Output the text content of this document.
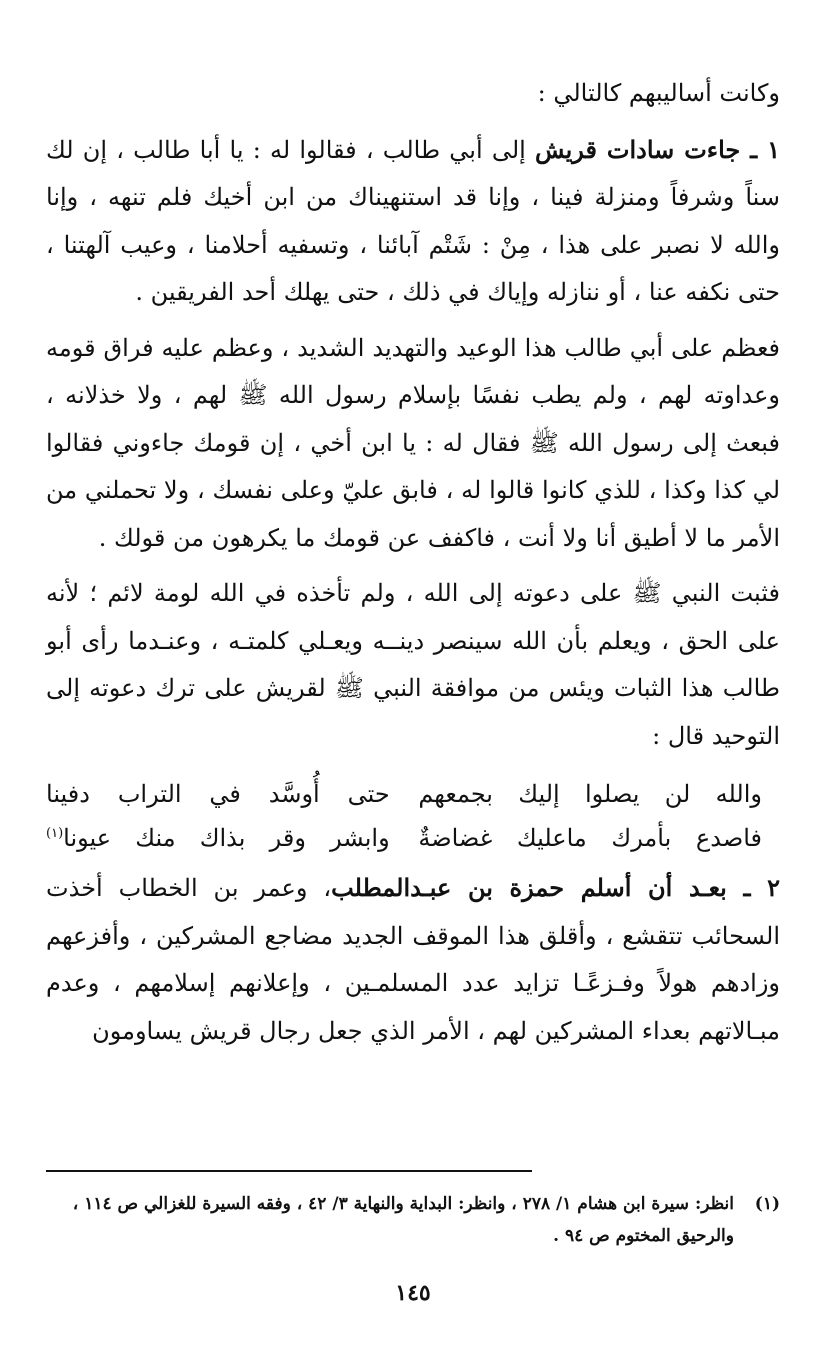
وكانت أساليبهم كالتالي :

١ ـ جاءت سادات قريش إلى أبي طالب ، فقالوا له : يا أبا طالب ، إن لك سناً وشرفاً ومنزلة فينا ، وإنا قد استنهيناك من ابن أخيك فلم تنهه ، وإنا والله لا نصبر على هذا ، مِنْ : شَتْم آبائنا ، وتسفيه أحلامنا ، وعيب آلهتنا ، حتى نكفه عنا ، أو ننازله وإياك في ذلك ، حتى يهلك أحد الفريقين .

فعظم على أبي طالب هذا الوعيد والتهديد الشديد ، وعظم عليه فراق قومه وعداوته لهم ، ولم يطب نفسًا بإسلام رسول الله ﷺ لهم ، ولا خذلانه ، فبعث إلى رسول الله ﷺ فقال له : يا ابن أخي ، إن قومك جاءوني فقالوا لي كذا وكذا ، للذي كانوا قالوا له ، فابق عليّ وعلى نفسك ، ولا تحملني من الأمر ما لا أطيق أنا ولا أنت ، فاكفف عن قومك ما يكرهون من قولك .

فثبت النبي ﷺ على دعوته إلى الله ، ولم تأخذه في الله لومة لائم ؛ لأنه على الحق ، ويعلم بأن الله سينصر دينــه ويعـلي كلمتـه ، وعنـدما رأى أبو طالب هذا الثبات ويئس من موافقة النبي ﷺ لقريش على ترك دعوته إلى التوحيد قال :

والله لن يصلوا إليك بجمعهم
حتى أُوسَّد في التراب دفينا
فاصدع بأمرك ماعليك غضاضةٌ
وابشر وقر بذاك منك عيونا$^{(١)}$

٢ ـ بعـد أن أسلم حمزة بن عبـدالمطلب، وعمر بن الخطاب أخذت السحائب تتقشع ، وأقلق هذا الموقف الجديد مضاجع المشركين ، وأفزعهم وزادهم هولاً وفـزعًـا تزايد عدد المسلمـين ، وإعلانهم إسلامهم ، وعدم مبـالاتهم بعداء المشركين لهم ، الأمر الذي جعل رجال قريش يساومون

(١)
انظر: سيرة ابن هشام ١/ ٢٧٨ ، وانظر: البداية والنهاية ٣/ ٤٢ ، وفقه السيرة للغزالي ص ١١٤ ، والرحيق المختوم ص ٩٤ .
١٤٥
